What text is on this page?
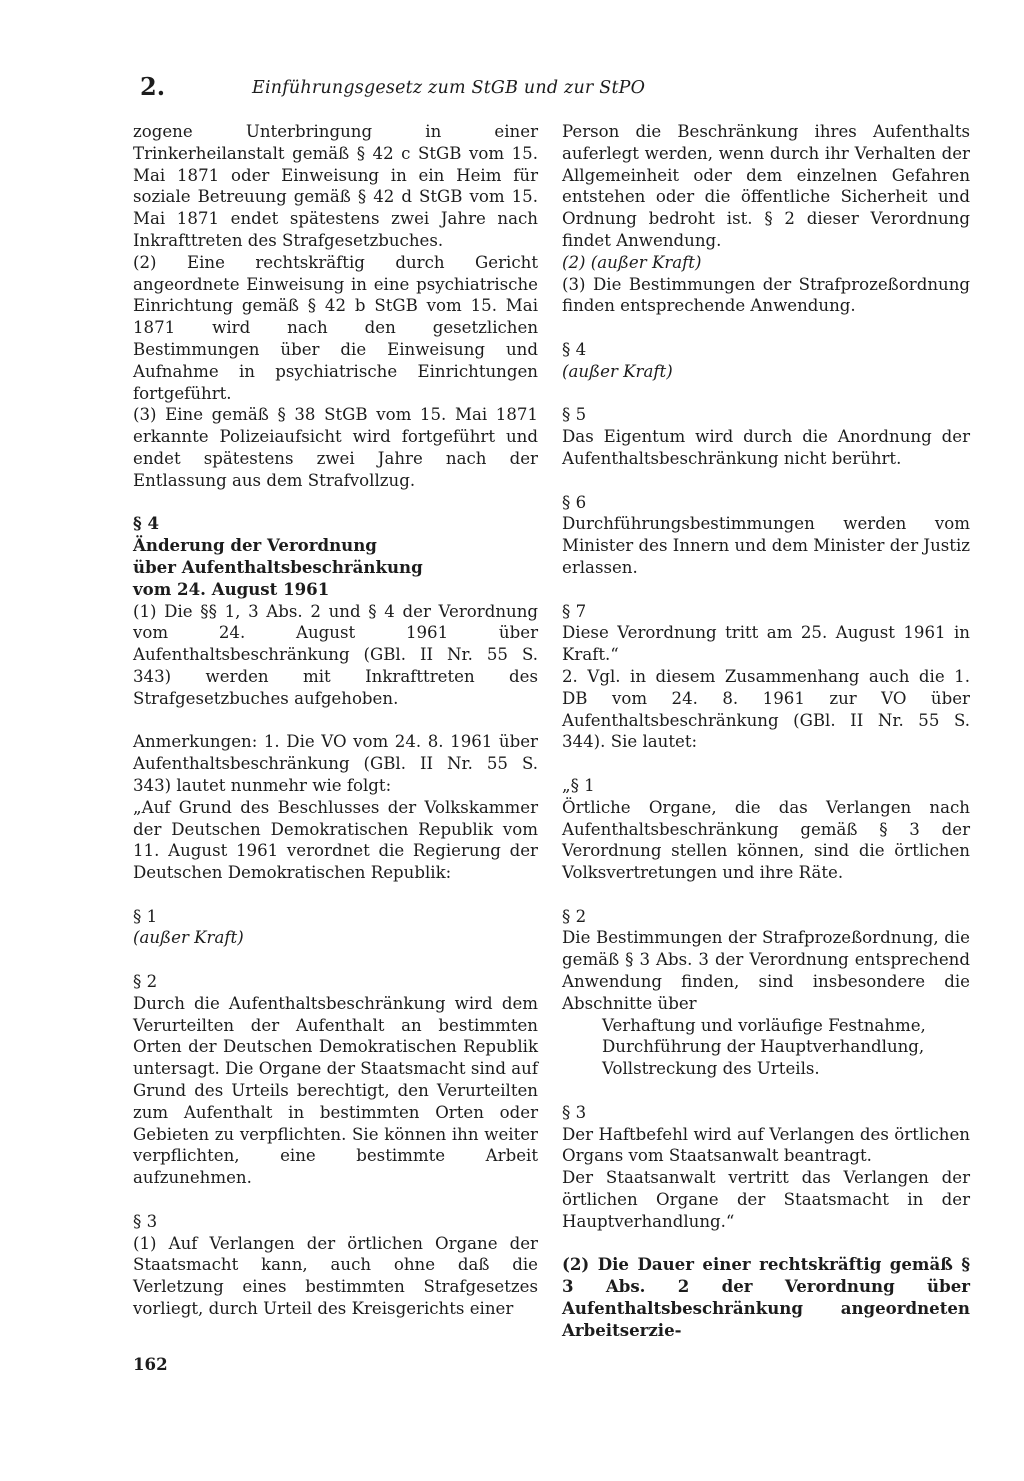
2.	Einführungsgesetz zum StGB und zur StPO

zogene Unterbringung in einer Trinkerheilanstalt gemäß § 42 c StGB vom 15. Mai 1871 oder Einweisung in ein Heim für soziale Betreuung gemäß § 42 d StGB vom 15. Mai 1871 endet spätestens zwei Jahre nach Inkrafttreten des Strafgesetzbuches.

(2) Eine rechtskräftig durch Gericht angeordnete Einweisung in eine psychiatrische Einrichtung gemäß § 42 b StGB vom 15. Mai 1871 wird nach den gesetzlichen Bestimmungen über die Einweisung und Aufnahme in psychiatrische Einrichtungen fortgeführt.

(3) Eine gemäß § 38 StGB vom 15. Mai 1871 erkannte Polizeiaufsicht wird fortgeführt und endet spätestens zwei Jahre nach der Entlassung aus dem Strafvollzug.

§ 4
Änderung der Verordnung
über Aufenthaltsbeschränkung
vom 24. August 1961

(1) Die §§ 1, 3 Abs. 2 und § 4 der Verordnung vom 24. August 1961 über Aufenthaltsbeschränkung (GBl. II Nr. 55 S. 343) werden mit Inkrafttreten des Strafgesetzbuches aufgehoben.

Anmerkungen: 1. Die VO vom 24. 8. 1961 über Aufenthaltsbeschränkung (GBl. II Nr. 55 S. 343) lautet nunmehr wie folgt:

„Auf Grund des Beschlusses der Volkskammer der Deutschen Demokratischen Republik vom 11. August 1961 verordnet die Regierung der Deutschen Demokratischen Republik:

§ 1

(außer Kraft)

§ 2

Durch die Aufenthaltsbeschränkung wird dem Verurteilten der Aufenthalt an bestimmten Orten der Deutschen Demokratischen Republik untersagt. Die Organe der Staatsmacht sind auf Grund des Urteils berechtigt, den Verurteilten zum Aufenthalt in bestimmten Orten oder Gebieten zu verpflichten. Sie können ihn weiter verpflichten, eine bestimmte Arbeit aufzunehmen.

§ 3

(1) Auf Verlangen der örtlichen Organe der Staatsmacht kann, auch ohne daß die Verletzung eines bestimmten Strafgesetzes vorliegt, durch Urteil des Kreisgerichts einer

Person die Beschränkung ihres Aufenthalts auferlegt werden, wenn durch ihr Verhalten der Allgemeinheit oder dem einzelnen Gefahren entstehen oder die öffentliche Sicherheit und Ordnung bedroht ist. § 2 dieser Verordnung findet Anwendung.

(2) (außer Kraft)

(3) Die Bestimmungen der Strafprozeßordnung finden entsprechende Anwendung.

§ 4

(außer Kraft)

§ 5

Das Eigentum wird durch die Anordnung der Aufenthaltsbeschränkung nicht berührt.

§ 6

Durchführungsbestimmungen werden vom Minister des Innern und dem Minister der Justiz erlassen.

§ 7

Diese Verordnung tritt am 25. August 1961 in Kraft.“

2. Vgl. in diesem Zusammenhang auch die 1. DB vom 24. 8. 1961 zur VO über Aufenthaltsbeschränkung (GBl. II Nr. 55 S. 344). Sie lautet:

„§ 1

Örtliche Organe, die das Verlangen nach Aufenthaltsbeschränkung gemäß § 3 der Verordnung stellen können, sind die örtlichen Volksvertretungen und ihre Räte.

§ 2

Die Bestimmungen der Strafprozeßordnung, die gemäß § 3 Abs. 3 der Verordnung entsprechend Anwendung finden, sind insbesondere die Abschnitte über

Verhaftung und vorläufige Festnahme,

Durchführung der Hauptverhandlung,

Vollstreckung des Urteils.

§ 3

Der Haftbefehl wird auf Verlangen des örtlichen Organs vom Staatsanwalt beantragt.

Der Staatsanwalt vertritt das Verlangen der örtlichen Organe der Staatsmacht in der Hauptverhandlung.“

(2) Die Dauer einer rechtskräftig gemäß § 3 Abs. 2 der Verordnung über Aufenthaltsbeschränkung angeordneten Arbeitserzie-

162
